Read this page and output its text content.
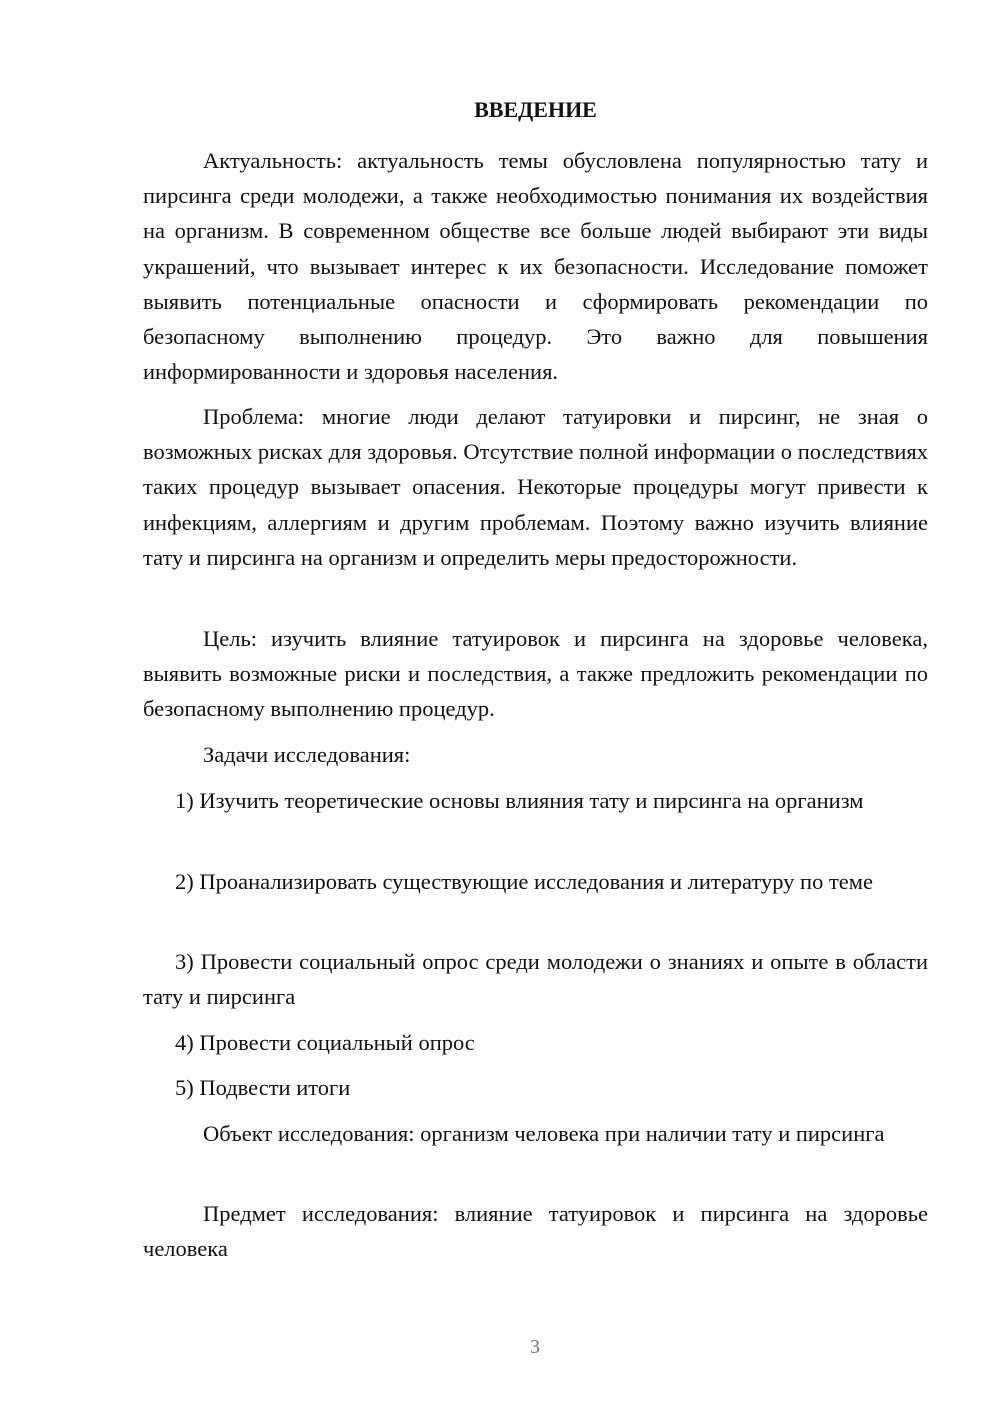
ВВЕДЕНИЕ

Актуальность: актуальность темы обусловлена популярностью тату и пирсинга среди молодежи, а также необходимостью понимания их воздействия на организм. В современном обществе все больше людей выбирают эти виды украшений, что вызывает интерес к их безопасности. Исследование поможет выявить потенциальные опасности и сформировать рекомендации по безопасному выполнению процедур. Это важно для повышения информированности и здоровья населения.

Проблема: многие люди делают татуировки и пирсинг, не зная о возможных рисках для здоровья. Отсутствие полной информации о последствиях таких процедур вызывает опасения. Некоторые процедуры могут привести к инфекциям, аллергиям и другим проблемам. Поэтому важно изучить влияние тату и пирсинга на организм и определить меры предосторожности.

Цель: изучить влияние татуировок и пирсинга на здоровье человека, выявить возможные риски и последствия, а также предложить рекомендации по безопасному выполнению процедур.

Задачи исследования:

1) Изучить теоретические основы влияния тату и пирсинга на организм

2) Проанализировать существующие исследования и литературу по теме

3) Провести социальный опрос среди молодежи о знаниях и опыте в области тату и пирсинга

4) Провести социальный опрос

5) Подвести итоги

Объект исследования: организм человека при наличии тату и пирсинга

Предмет исследования: влияние татуировок и пирсинга на здоровье человека

3
